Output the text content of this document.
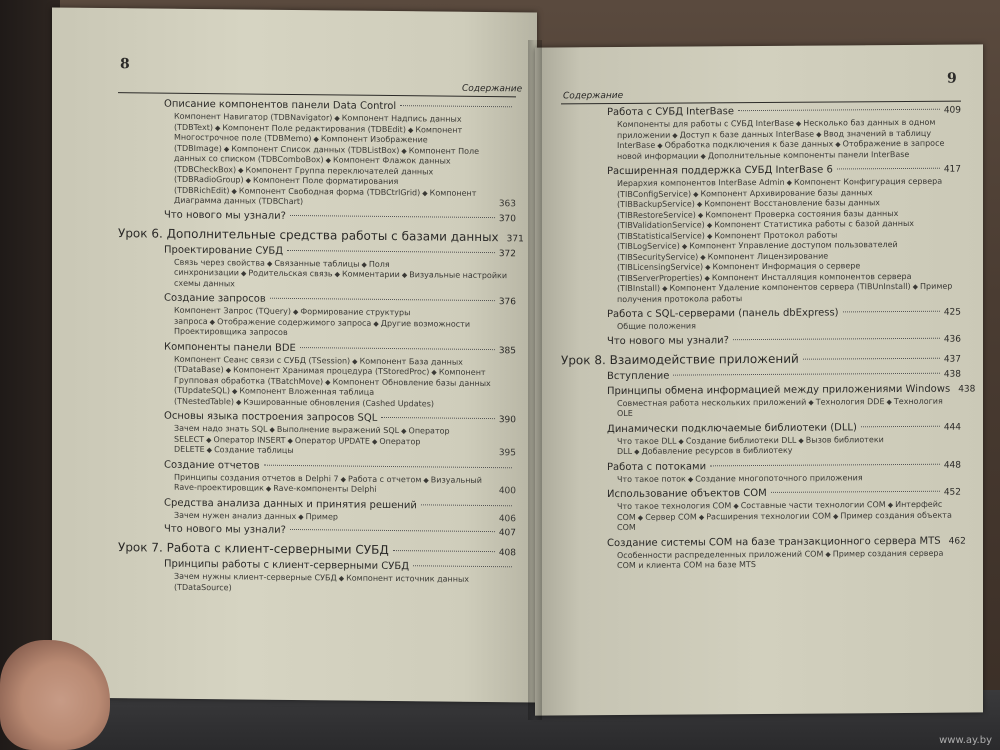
8
Содержание
Описание компонентов панели Data Control
Компонент Навигатор (TDBNavigator) ◆ Компонент Надпись данных (TDBText) ◆ Компонент Поле редактирования (TDBEdit) ◆ Компонент Многострочное поле (TDBMemo) ◆ Компонент Изображение (TDBImage) ◆ Компонент Список данных (TDBListBox) ◆ Компонент Поле данных со списком (TDBComboBox) ◆ Компонент Флажок данных (TDBCheckBox) ◆ Компонент Группа переключателей данных (TDBRadioGroup) ◆ Компонент Поле форматирования (TDBRichEdit) ◆ Компонент Свободная форма (TDBCtrlGrid) ◆ Компонент Диаграмма данных (TDBChart)	363
Что нового мы узнали?	370
Урок 6. Дополнительные средства работы с базами данных 371
Проектирование СУБД	372
Связь через свойства ◆ Связанные таблицы ◆ Поля синхронизации ◆ Родительская связь ◆ Комментарии ◆ Визуальные настройки схемы данных
Создание запросов	376
Компонент Запрос (TQuery) ◆ Формирование структуры запроса ◆ Отображение содержимого запроса ◆ Другие возможности Проектировщика запросов
Компоненты панели BDE	385
Компонент Сеанс связи с СУБД (TSession) ◆ Компонент База данных (TDataBase) ◆ Компонент Хранимая процедура (TStoredProc) ◆ Компонент Групповая обработка (TBatchMove) ◆ Компонент Обновление базы данных (TUpdateSQL) ◆ Компонент Вложенная таблица (TNestedTable) ◆ Кэшированные обновления (Cashed Updates)
Основы языка построения запросов SQL	390
Зачем надо знать SQL ◆ Выполнение выражений SQL ◆ Оператор SELECT ◆ Оператор INSERT ◆ Оператор UPDATE ◆ Оператор DELETE ◆ Создание таблицы	395
Создание отчетов
Принципы создания отчетов в Delphi 7 ◆ Работа с отчетом ◆ Визуальный Rave-проектировщик ◆ Rave-компоненты Delphi	400
Средства анализа данных и принятия решений
Зачем нужен анализ данных ◆ Пример	406
Что нового мы узнали?	407
Урок 7. Работа с клиент-серверными СУБД	408
Принципы работы с клиент-серверными СУБД
Зачем нужны клиент-серверные СУБД ◆ Компонент источник данных (TDataSource)
Содержание
9
Работа с СУБД InterBase	409
Компоненты для работы с СУБД InterBase ◆ Несколько баз данных в одном приложении ◆ Доступ к базе данных InterBase ◆ Ввод значений в таблицу InterBase ◆ Обработка подключения к базе данных ◆ Отображение в запросе новой информации ◆ Дополнительные компоненты панели InterBase
Расширенная поддержка СУБД InterBase 6	417
Иерархия компонентов InterBase Admin ◆ Компонент Конфигурация сервера (TIBConfigService) ◆ Компонент Архивирование базы данных (TIBBackupService) ◆ Компонент Восстановление базы данных (TIBRestoreService) ◆ Компонент Проверка состояния базы данных (TIBValidationService) ◆ Компонент Статистика работы с базой данных (TIBStatisticalService) ◆ Компонент Протокол работы (TIBLogService) ◆ Компонент Управление доступом пользователей (TIBSecurityService) ◆ Компонент Лицензирование (TIBLicensingService) ◆ Компонент Информация о сервере (TIBServerProperties) ◆ Компонент Инсталляция компонентов сервера (TIBInstall) ◆ Компонент Удаление компонентов сервера (TIBUnInstall) ◆ Пример получения протокола работы
Работа с SQL-серверами (панель dbExpress)	425
Общие положения
Что нового мы узнали?	436
Урок 8. Взаимодействие приложений	437
Вступление	438
Принципы обмена информацией между приложениями Windows 438
Совместная работа нескольких приложений ◆ Технология DDE ◆ Технология OLE
Динамически подключаемые библиотеки (DLL)	444
Что такое DLL ◆ Создание библиотеки DLL ◆ Вызов библиотеки DLL ◆ Добавление ресурсов в библиотеку
Работа с потоками	448
Что такое поток ◆ Создание многопоточного приложения
Использование объектов COM	452
Что такое технология COM ◆ Составные части технологии COM ◆ Интерфейс COM ◆ Сервер COM ◆ Расширения технологии COM ◆ Пример создания объекта COM
Создание системы COM на базе транзакционного сервера MTS 462
Особенности распределенных приложений COM ◆ Пример создания сервера COM и клиента COM на базе MTS
www.ay.by
